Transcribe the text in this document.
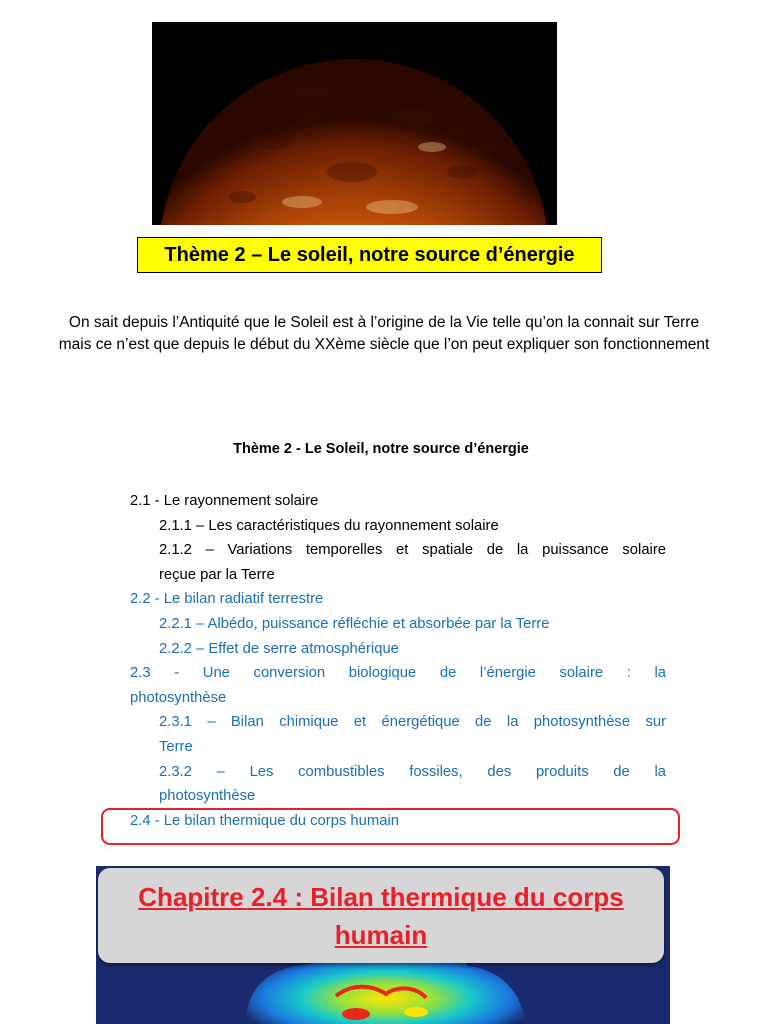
Thème 2 – Le soleil, notre source d’énergie
On sait depuis l’Antiquité que le Soleil est à l’origine de la Vie telle qu’on la connait sur Terre
mais ce n’est que depuis le début du XXème siècle que l’on peut expliquer son fonctionnement
Thème 2 - Le Soleil, notre source d’énergie
2.1 - Le rayonnement solaire
2.1.1 – Les caractéristiques du rayonnement solaire
2.1.2 – Variations temporelles et spatiale de la puissance solaire
reçue par la Terre
2.2 - Le bilan radiatif terrestre
2.2.1 – Albédo, puissance réfléchie et absorbée par la Terre
2.2.2 – Effet de serre atmosphérique
2.3 - Une conversion biologique de l’énergie solaire : la
photosynthèse
2.3.1 – Bilan chimique et énergétique de la photosynthèse sur
Terre
2.3.2 – Les combustibles fossiles, des produits de la
photosynthèse
2.4 - Le bilan thermique du corps humain
Chapitre 2.4 : Bilan thermique du corps
humain
